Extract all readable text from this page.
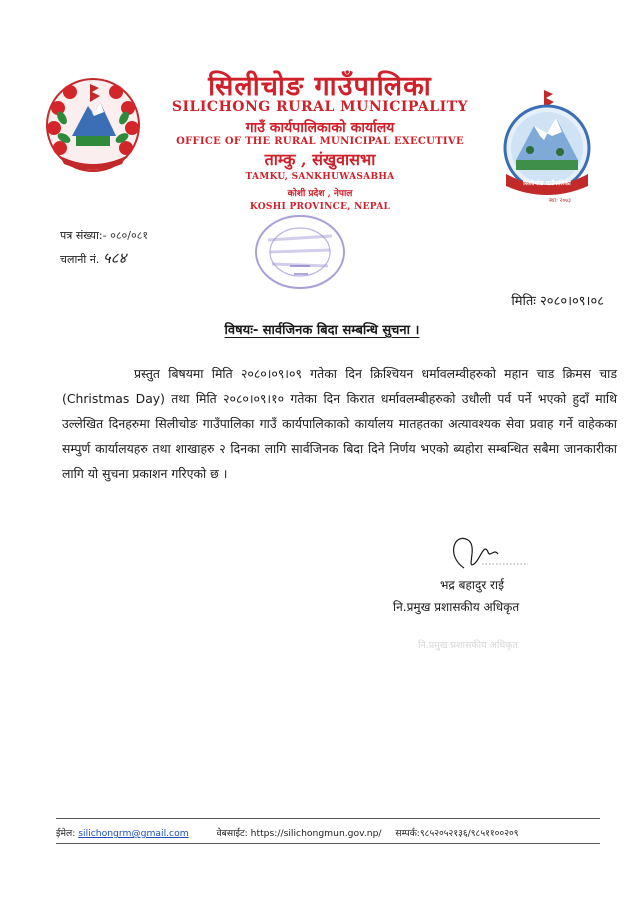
सिलीचोङ गाउँपालिका
SILICHONG RURAL MUNICIPALITY
गाउँ कार्यपालिकाको कार्यालय
OFFICE OF THE RURAL MUNICIPAL EXECUTIVE
ताम्कु , संखुवासभा
TAMKU, SANKHUWASABHA
कोशी प्रदेश , नेपाल
KOSHI PROVINCE, NEPAL
सिलीचोङ गाउँपालिका
स्था: २०७३
पत्र संख्या:- ०८०/०८१
चलानी नं. ५८४
मितिः २०८०।०९।०८
विषयः- सार्वजिनक बिदा सम्बन्धि सुचना ।
प्रस्तुत बिषयमा मिति २०८०।०९।०९ गतेका दिन क्रिश्चियन धर्मावलम्वीहरुको महान चाड क्रिमस चाड (Christmas Day) तथा मिति २०८०।०९।१० गतेका दिन किरात धर्मावलम्बीहरुको उधौली पर्व पर्ने भएको हुदाँ माथि उल्लेखित दिनहरुमा सिलीचोङ गाउँपालिका गाउँ कार्यपालिकाको कार्यालय मातहतका अत्यावश्यक सेवा प्रवाह गर्ने वाहेकका सम्पुर्ण कार्यालयहरु तथा शाखाहरु २ दिनका लागि सार्वजिनक बिदा दिने निर्णय भएको ब्यहोरा सम्बन्धित सबैमा जानकारीका लागि यो सुचना प्रकाशन गरिएको छ ।
भद्र बहादुर राई
नि.प्रमुख प्रशासकीय अधिकृत
नि.प्रमुख प्रशासकीय अधिकृत
ईमेल: silichongrm@gmail.com	वेबसाईट: https://silichongmun.gov.np/ सम्पर्क:९८५२०५२१३६/९८५११००२०९
